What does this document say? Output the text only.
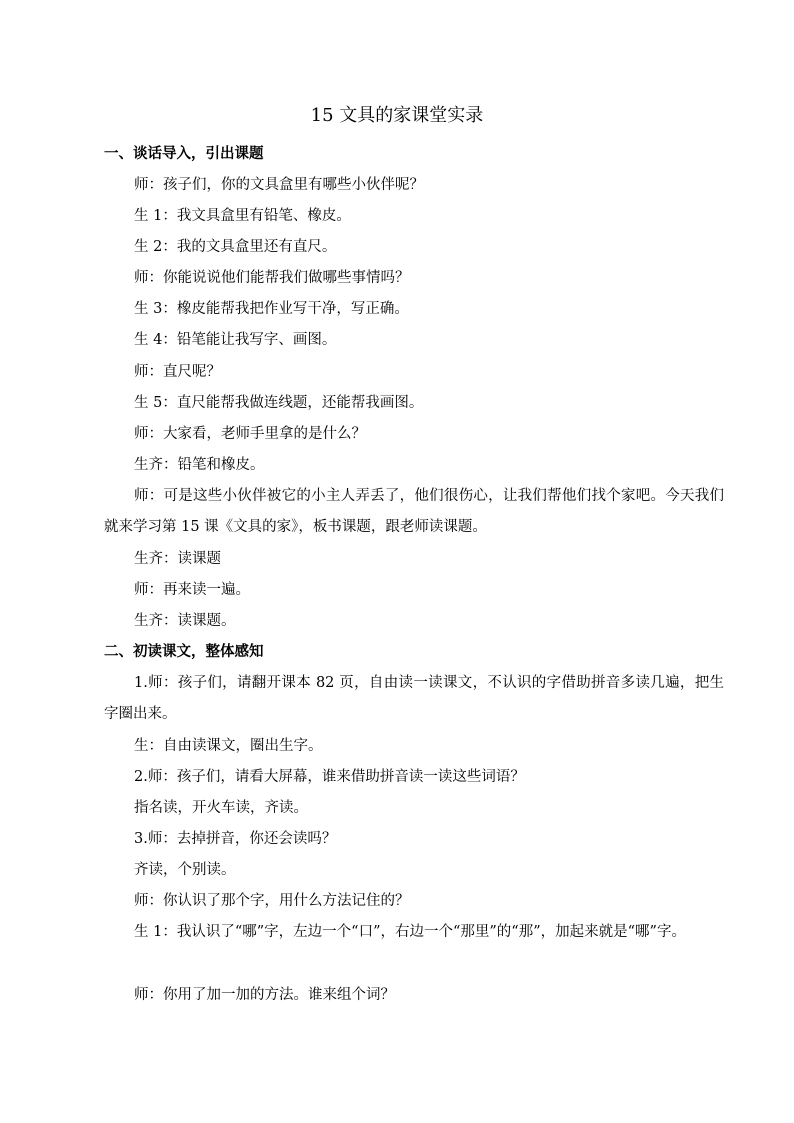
15 文具的家课堂实录
一、谈话导入，引出课题
师：孩子们，你的文具盒里有哪些小伙伴呢？
生 1：我文具盒里有铅笔、橡皮。
生 2：我的文具盒里还有直尺。
师：你能说说他们能帮我们做哪些事情吗？
生 3：橡皮能帮我把作业写干净，写正确。
生 4：铅笔能让我写字、画图。
师：直尺呢？
生 5：直尺能帮我做连线题，还能帮我画图。
师：大家看，老师手里拿的是什么？
生齐：铅笔和橡皮。
师：可是这些小伙伴被它的小主人弄丢了，他们很伤心，让我们帮他们找个家吧。今天我们就来学习第 15 课《文具的家》，板书课题，跟老师读课题。
生齐：读课题
师：再来读一遍。
生齐：读课题。
二、初读课文，整体感知
1.师：孩子们，请翻开课本 82 页，自由读一读课文，不认识的字借助拼音多读几遍，把生字圈出来。
生：自由读课文，圈出生字。
2.师：孩子们，请看大屏幕，谁来借助拼音读一读这些词语？
指名读，开火车读，齐读。
3.师：去掉拼音，你还会读吗？
齐读，个别读。
师：你认识了那个字，用什么方法记住的？
生 1：我认识了“哪”字，左边一个“口”，右边一个“那里”的“那”，加起来就是“哪”字。
师：你用了加一加的方法。谁来组个词？
